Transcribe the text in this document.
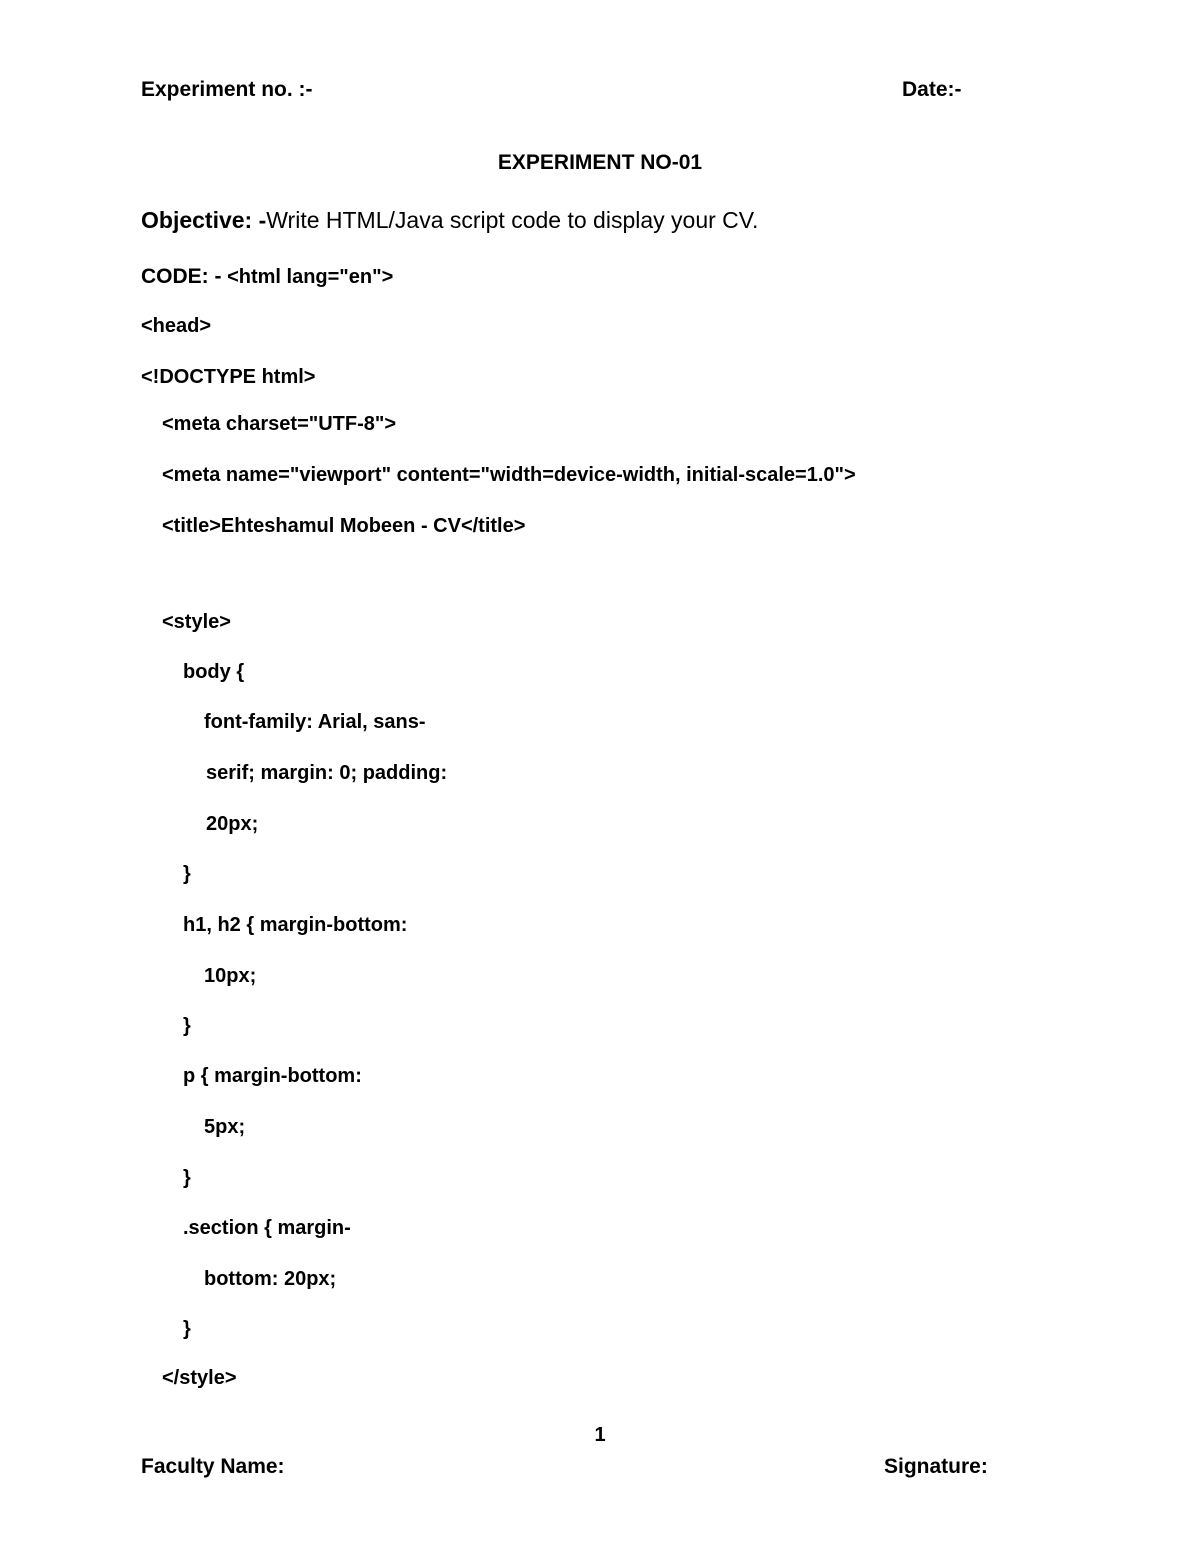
Experiment no. :-	Date:-
EXPERIMENT NO-01
Objective: -Write HTML/Java script code to display your CV.
CODE: - <html lang="en">
<head>
<!DOCTYPE html>
<meta charset="UTF-8">
<meta name="viewport" content="width=device-width, initial-scale=1.0">
<title>Ehteshamul Mobeen - CV</title>
<style>
body {
font-family: Arial, sans-
serif; margin: 0; padding:
20px;
}
h1, h2 { margin-bottom:
10px;
}
p { margin-bottom:
5px;
}
.section { margin-
bottom: 20px;
}
</style>
1
Faculty Name:	Signature:
